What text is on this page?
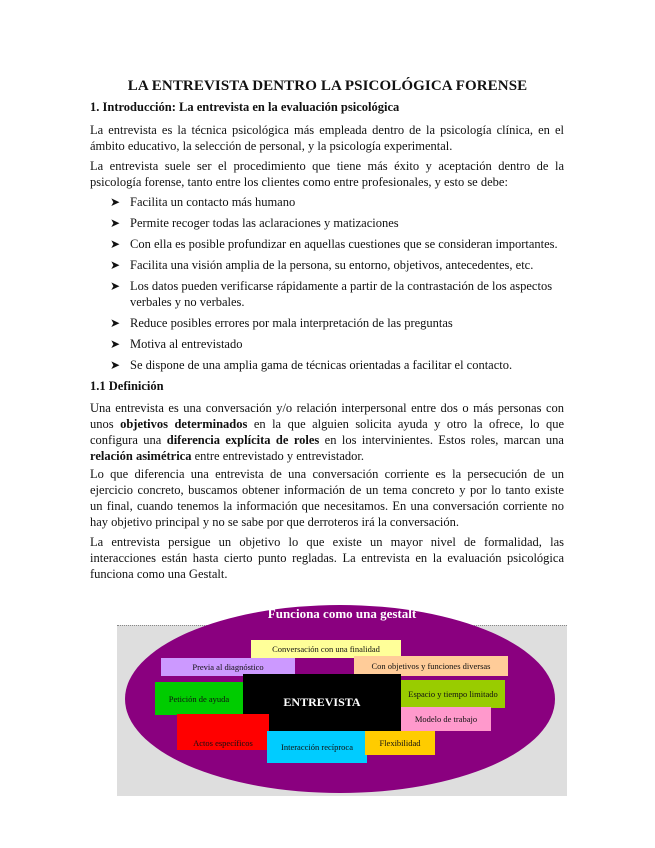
LA ENTREVISTA DENTRO LA PSICOLÓGICA FORENSE
1. Introducción: La entrevista en la evaluación psicológica
La entrevista es la técnica psicológica más empleada dentro de la psicología clínica, en el
ámbito educativo, la selección de personal, y la psicología experimental.
La entrevista suele ser el procedimiento que tiene más éxito y aceptación dentro de la
psicología forense, tanto entre los clientes como entre profesionales, y esto se debe:
➤ Facilita un contacto más humano
➤ Permite recoger todas las aclaraciones y matizaciones
➤ Con ella es posible profundizar en aquellas cuestiones que se consideran importantes.
➤ Facilita una visión amplia de la persona, su entorno, objetivos, antecedentes, etc.
➤ Los datos pueden verificarse rápidamente a partir de la contrastación de los aspectos
verbales y no verbales.
➤ Reduce posibles errores por mala interpretación de las preguntas
➤ Motiva al entrevistado
➤ Se dispone de una amplia gama de técnicas orientadas a facilitar el contacto.
1.1 Definición
Una entrevista es una conversación y/o relación interpersonal entre dos o más personas con
unos objetivos determinados en la que alguien solicita ayuda y otro la ofrece, lo que
configura una diferencia explícita de roles en los intervinientes. Estos roles, marcan una
relación asimétrica entre entrevistado y entrevistador.
Lo que diferencia una entrevista de una conversación corriente es la persecución de un
ejercicio concreto, buscamos obtener información de un tema concreto y por lo tanto existe
un final, cuando tenemos la información que necesitamos. En una conversación corriente no
hay objetivo principal y no se sabe por que derroteros irá la conversación.
La entrevista persigue un objetivo lo que existe un mayor nivel de formalidad, las
interacciones están hasta cierto punto regladas. La entrevista en la evaluación psicológica
funciona como una Gestalt.
Funciona como una gestalt
Conversación con una finalidad
Previa al diagnóstico	Con objetivos y funciones diversas
Petición de ayuda	Espacio y tiempo limitado
Modelo de trabajo
ENTREVISTA
Actos específicos	Interacción recíproca	Flexibilidad
